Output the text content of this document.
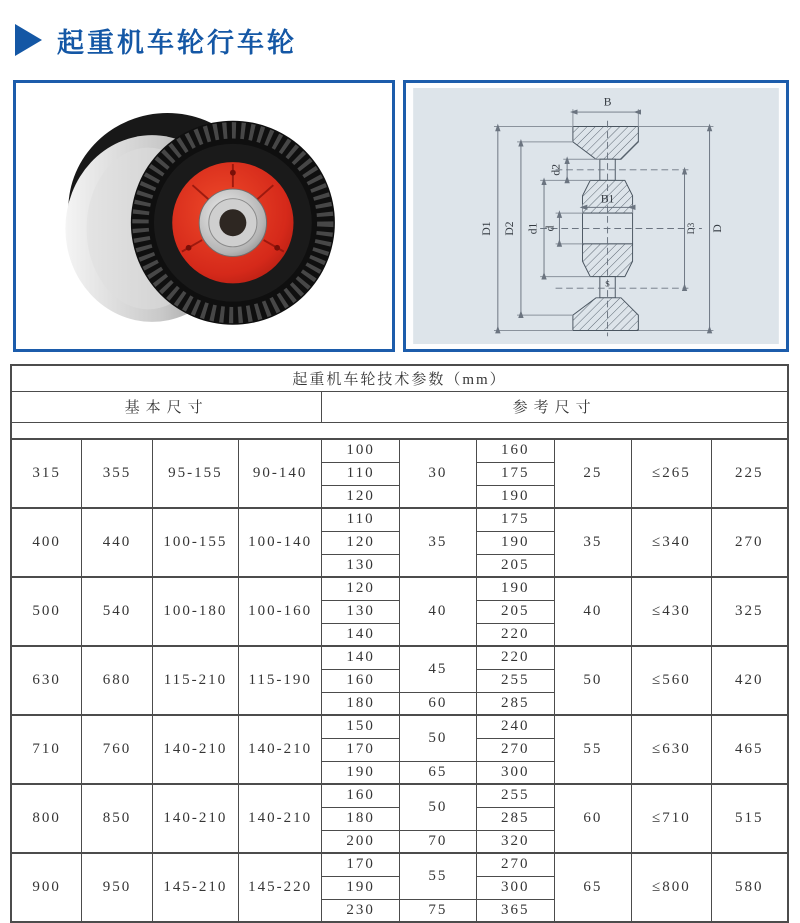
起重机车轮行车轮
B
B1
D1 D2 d1 d
d2
D3 D
S
起重机车轮技术参数（mm）									
基本尺寸				参考尺寸					

315	355	95-155	90-140	100	30	160	25	≤265	225
				110		175			
				120		190			
400	440	100-155	100-140	110	35	175	35	≤340	270
				120		190			
				130		205			
500	540	100-180	100-160	120	40	190	40	≤430	325
				130		205			
				140		220			
630	680	115-210	115-190	140	45	220	50	≤560	420
				160		255			
				180	60	285			
710	760	140-210	140-210	150	50	240	55	≤630	465
				170		270			
				190	65	300			
800	850	140-210	140-210	160	50	255	60	≤710	515
				180		285			
				200	70	320			
900	950	145-210	145-220	170	55	270	65	≤800	580
				190		300			
				230	75	365			
